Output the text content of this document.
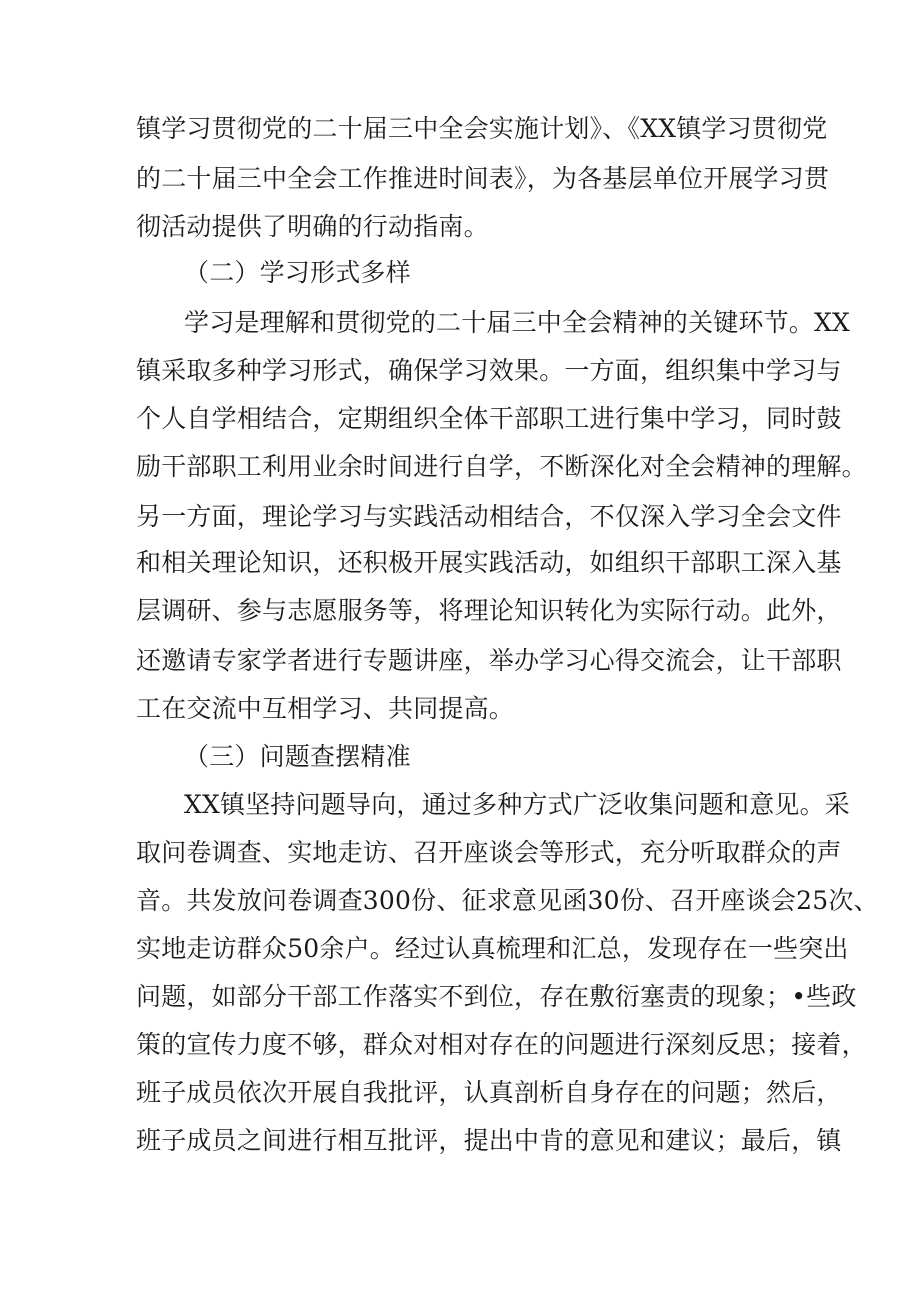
镇学习贯彻党的二十届三中全会实施计划》、《XX镇学习贯彻党
的二十届三中全会工作推进时间表》，为各基层单位开展学习贯
彻活动提供了明确的行动指南。
（二）学习形式多样
学习是理解和贯彻党的二十届三中全会精神的关键环节。XX
镇采取多种学习形式，确保学习效果。一方面，组织集中学习与
个人自学相结合，定期组织全体干部职工进行集中学习，同时鼓
励干部职工利用业余时间进行自学，不断深化对全会精神的理解。
另一方面，理论学习与实践活动相结合，不仅深入学习全会文件
和相关理论知识，还积极开展实践活动，如组织干部职工深入基
层调研、参与志愿服务等，将理论知识转化为实际行动。此外，
还邀请专家学者进行专题讲座，举办学习心得交流会，让干部职
工在交流中互相学习、共同提高。
（三）问题查摆精准
XX镇坚持问题导向，通过多种方式广泛收集问题和意见。采
取问卷调查、实地走访、召开座谈会等形式，充分听取群众的声
音。共发放问卷调查300份、征求意见函30份、召开座谈会25次、
实地走访群众50余户。经过认真梳理和汇总，发现存在一些突出
问题，如部分干部工作落实不到位，存在敷衍塞责的现象；•些政
策的宣传力度不够，群众对相对存在的问题进行深刻反思；接着，
班子成员依次开展自我批评，认真剖析自身存在的问题；然后，
班子成员之间进行相互批评，提出中肯的意见和建议；最后，镇
